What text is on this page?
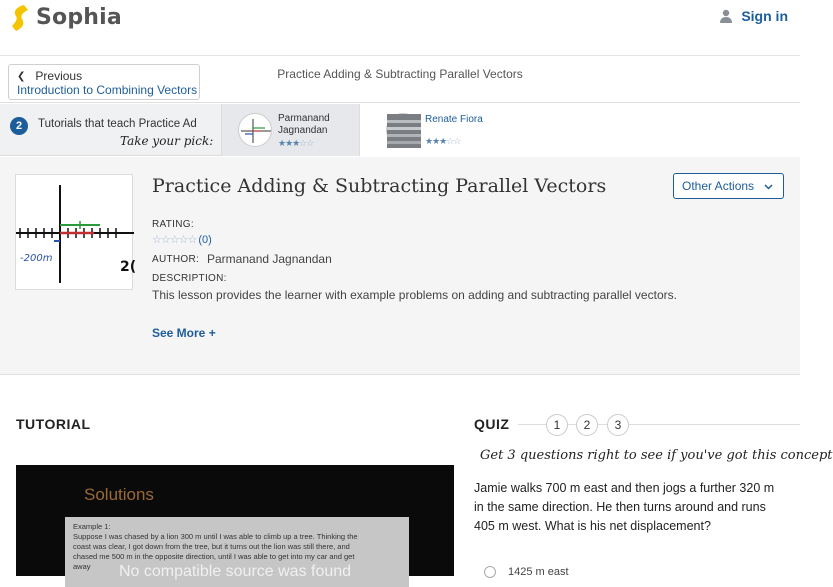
Sophia	Sign in
❮ Previous
Introduction to Combining Vectors
Practice Adding & Subtracting Parallel Vectors
2	Tutorials that teach Practice Ad
Take your pick:
Parmanand
Jagnandan
★★★☆☆
Renate Fiora
★★★☆☆
-200m
2(
Practice Adding & Subtracting Parallel Vectors	Other Actions
RATING:
☆☆☆☆☆ (0)
AUTHOR: Parmanand Jagnandan
DESCRIPTION:
This lesson provides the learner with example problems on adding and subtracting parallel vectors.
See More +
TUTORIAL
Solutions
Example 1:
Suppose I was chased by a lion 300 m until I was able to climb up a tree. Thinking the
coast was clear, I got down from the tree, but it turns out the lion was still there, and
chased me 500 m in the opposite direction, until I was able to get into my car and get
away	No compatible source was found
QUIZ	1	2	3
Get 3 questions right to see if you've got this concept
Jamie walks 700 m east and then jogs a further 320 m in the same direction. He then turns around and runs 405 m west. What is his net displacement?
1425 m east
